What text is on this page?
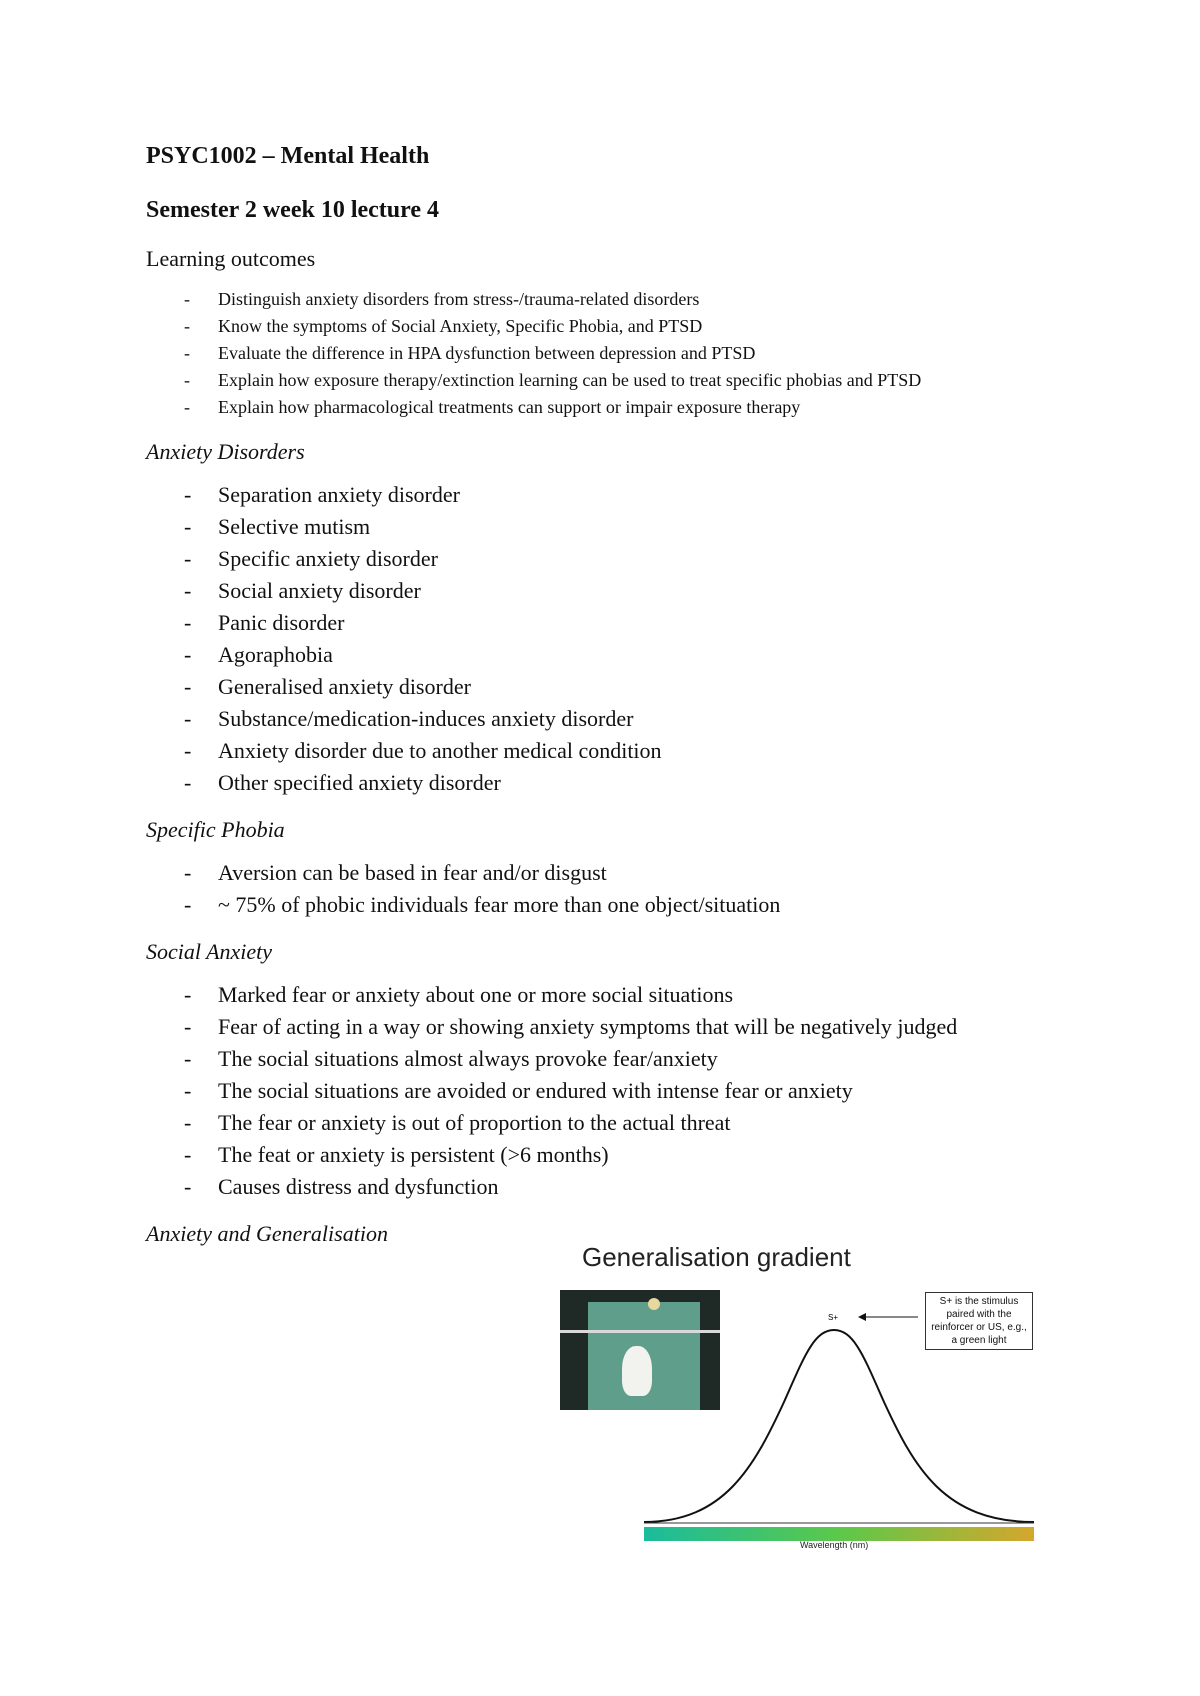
PSYC1002 – Mental Health
Semester 2 week 10 lecture 4
Learning outcomes
- Distinguish anxiety disorders from stress-/trauma-related disorders
- Know the symptoms of Social Anxiety, Specific Phobia, and PTSD
- Evaluate the difference in HPA dysfunction between depression and PTSD
- Explain how exposure therapy/extinction learning can be used to treat specific phobias and PTSD
- Explain how pharmacological treatments can support or impair exposure therapy
Anxiety Disorders
- Separation anxiety disorder
- Selective mutism
- Specific anxiety disorder
- Social anxiety disorder
- Panic disorder
- Agoraphobia
- Generalised anxiety disorder
- Substance/medication-induces anxiety disorder
- Anxiety disorder due to another medical condition
- Other specified anxiety disorder
Specific Phobia
- Aversion can be based in fear and/or disgust
- ~ 75% of phobic individuals fear more than one object/situation
Social Anxiety
- Marked fear or anxiety about one or more social situations
- Fear of acting in a way or showing anxiety symptoms that will be negatively judged
- The social situations almost always provoke fear/anxiety
- The social situations are avoided or endured with intense fear or anxiety
- The fear or anxiety is out of proportion to the actual threat
- The feat or anxiety is persistent (>6 months)
- Causes distress and dysfunction
Anxiety and Generalisation
Generalisation gradient
S+
S+ is the stimulus paired with the reinforcer or US, e.g., a green light
Wavelength (nm)
